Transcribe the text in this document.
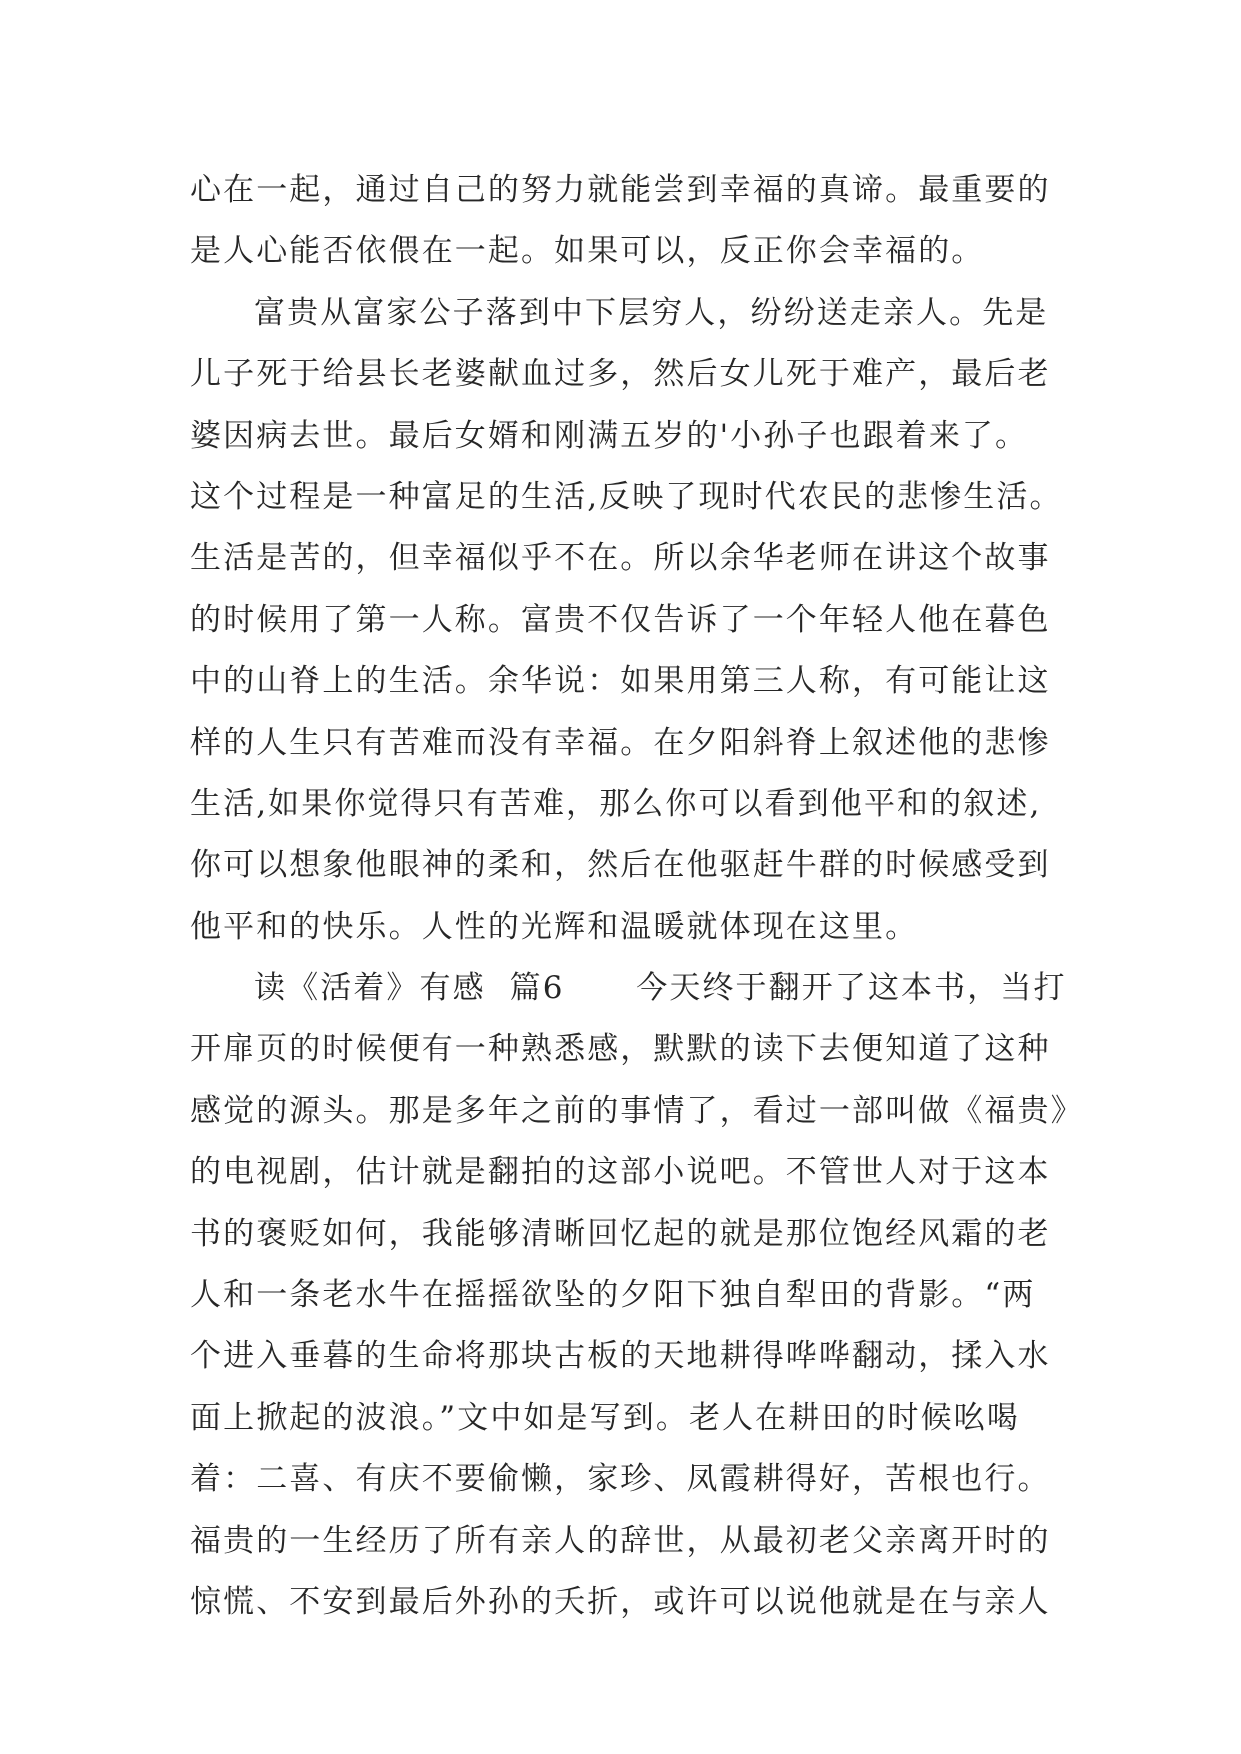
心在一起，通过自己的努力就能尝到幸福的真谛。最重要的
是人心能否依偎在一起。如果可以，反正你会幸福的。
富贵从富家公子落到中下层穷人，纷纷送走亲人。先是
儿子死于给县长老婆献血过多，然后女儿死于难产，最后老
婆因病去世。最后女婿和刚满五岁的'小孙子也跟着来了。
这个过程是一种富足的生活,反映了现时代农民的悲惨生活。
生活是苦的，但幸福似乎不在。所以余华老师在讲这个故事
的时候用了第一人称。富贵不仅告诉了一个年轻人他在暮色
中的山脊上的生活。余华说：如果用第三人称，有可能让这
样的人生只有苦难而没有幸福。在夕阳斜脊上叙述他的悲惨
生活,如果你觉得只有苦难，那么你可以看到他平和的叙述,
你可以想象他眼神的柔和，然后在他驱赶牛群的时候感受到
他平和的快乐。人性的光辉和温暖就体现在这里。
读《活着》有感  篇6      今天终于翻开了这本书，当打
开扉页的时候便有一种熟悉感，默默的读下去便知道了这种
感觉的源头。那是多年之前的事情了，看过一部叫做《福贵》
的电视剧，估计就是翻拍的这部小说吧。不管世人对于这本
书的褒贬如何，我能够清晰回忆起的就是那位饱经风霜的老
人和一条老水牛在摇摇欲坠的夕阳下独自犁田的背影。“两
个进入垂暮的生命将那块古板的天地耕得哗哗翻动，揉入水
面上掀起的波浪。”文中如是写到。老人在耕田的时候吆喝
着：二喜、有庆不要偷懒，家珍、凤霞耕得好，苦根也行。
福贵的一生经历了所有亲人的辞世，从最初老父亲离开时的
惊慌、不安到最后外孙的夭折，或许可以说他就是在与亲人
